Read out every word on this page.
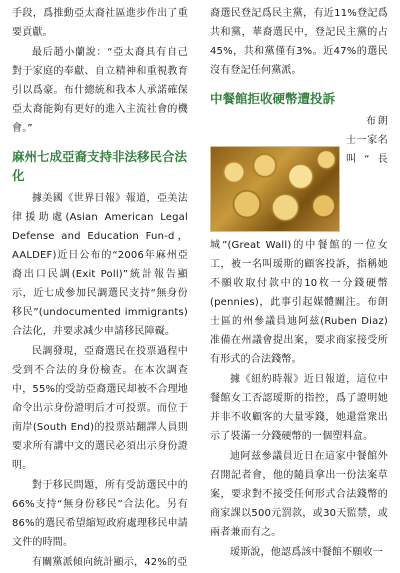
手段，爲推動亞太裔社區進步作出了重要貢獻。

最后趙小蘭說：“亞太裔具有自己對于家庭的奉獻、自立精神和重視教育引以爲豪。布什總統和我本人承諾確保亞太裔能夠有更好的進入主流社會的機會。”

麻州七成亞裔支持非法移民合法化

據美國《世界日報》報道，亞美法律援助處(Asian American Legal Defense and Education Fun-d，AALDEF)近日公布的“2006年麻州亞裔出口民調(Exit Poll)”統計報告顯示，近七成參加民調選民支持“無身份移民”(undocumented immigrants)合法化，并要求减少申請移民障礙。

民調發現，亞裔選民在投票過程中受到不合法的身份檢查。在本次調查中，55%的受訪亞裔選民却被不合理地命令出示身份證明后才可投票。而位于南岸(South End)的投票站翻譯人員則要求所有講中文的選民必須出示身份證明。

對于移民問題，所有受訪選民中的66%支持“無身份移民”合法化。另有86%的選民希望縮短政府處理移民申請文件的時間。

有關黨派傾向統計顯示，42%的亞

裔選民登記爲民主黨，有近11%登記爲共和黨，華裔選民中，登記民主黨的占45%，共和黨僅有3%。近47%的選民沒有登記任何黨派。

中餐館拒收硬幣遭投訴

布朗士一家名叫“長城”(Great Wall)的中餐館的一位女工，被一名叫瑷斯的顧客投訴，指稱她不願收取付款中的10枚一分錢硬幣(pennies)，此事引起媒體關注。布朗士區的州參議員迪阿兹(Ruben Diaz)准備在州議會提出案，要求商家接受所有形式的合法錢幣。

據《紐約時報》近日報道，這位中餐館女工否認瑷斯的指控，爲了證明她并非不收顧客的大量零錢，她還當衆出示了裝滿一分錢硬幣的一個塑料盒。

迪阿兹參議員近日在這家中餐館外召開記者會，他的隨員拿出一份法案草案，要求對不接受任何形式合法錢幣的商家課以500元罰款，或30天監禁，或兩者兼而有之。

瑷斯說，他認爲該中餐館不願收一
